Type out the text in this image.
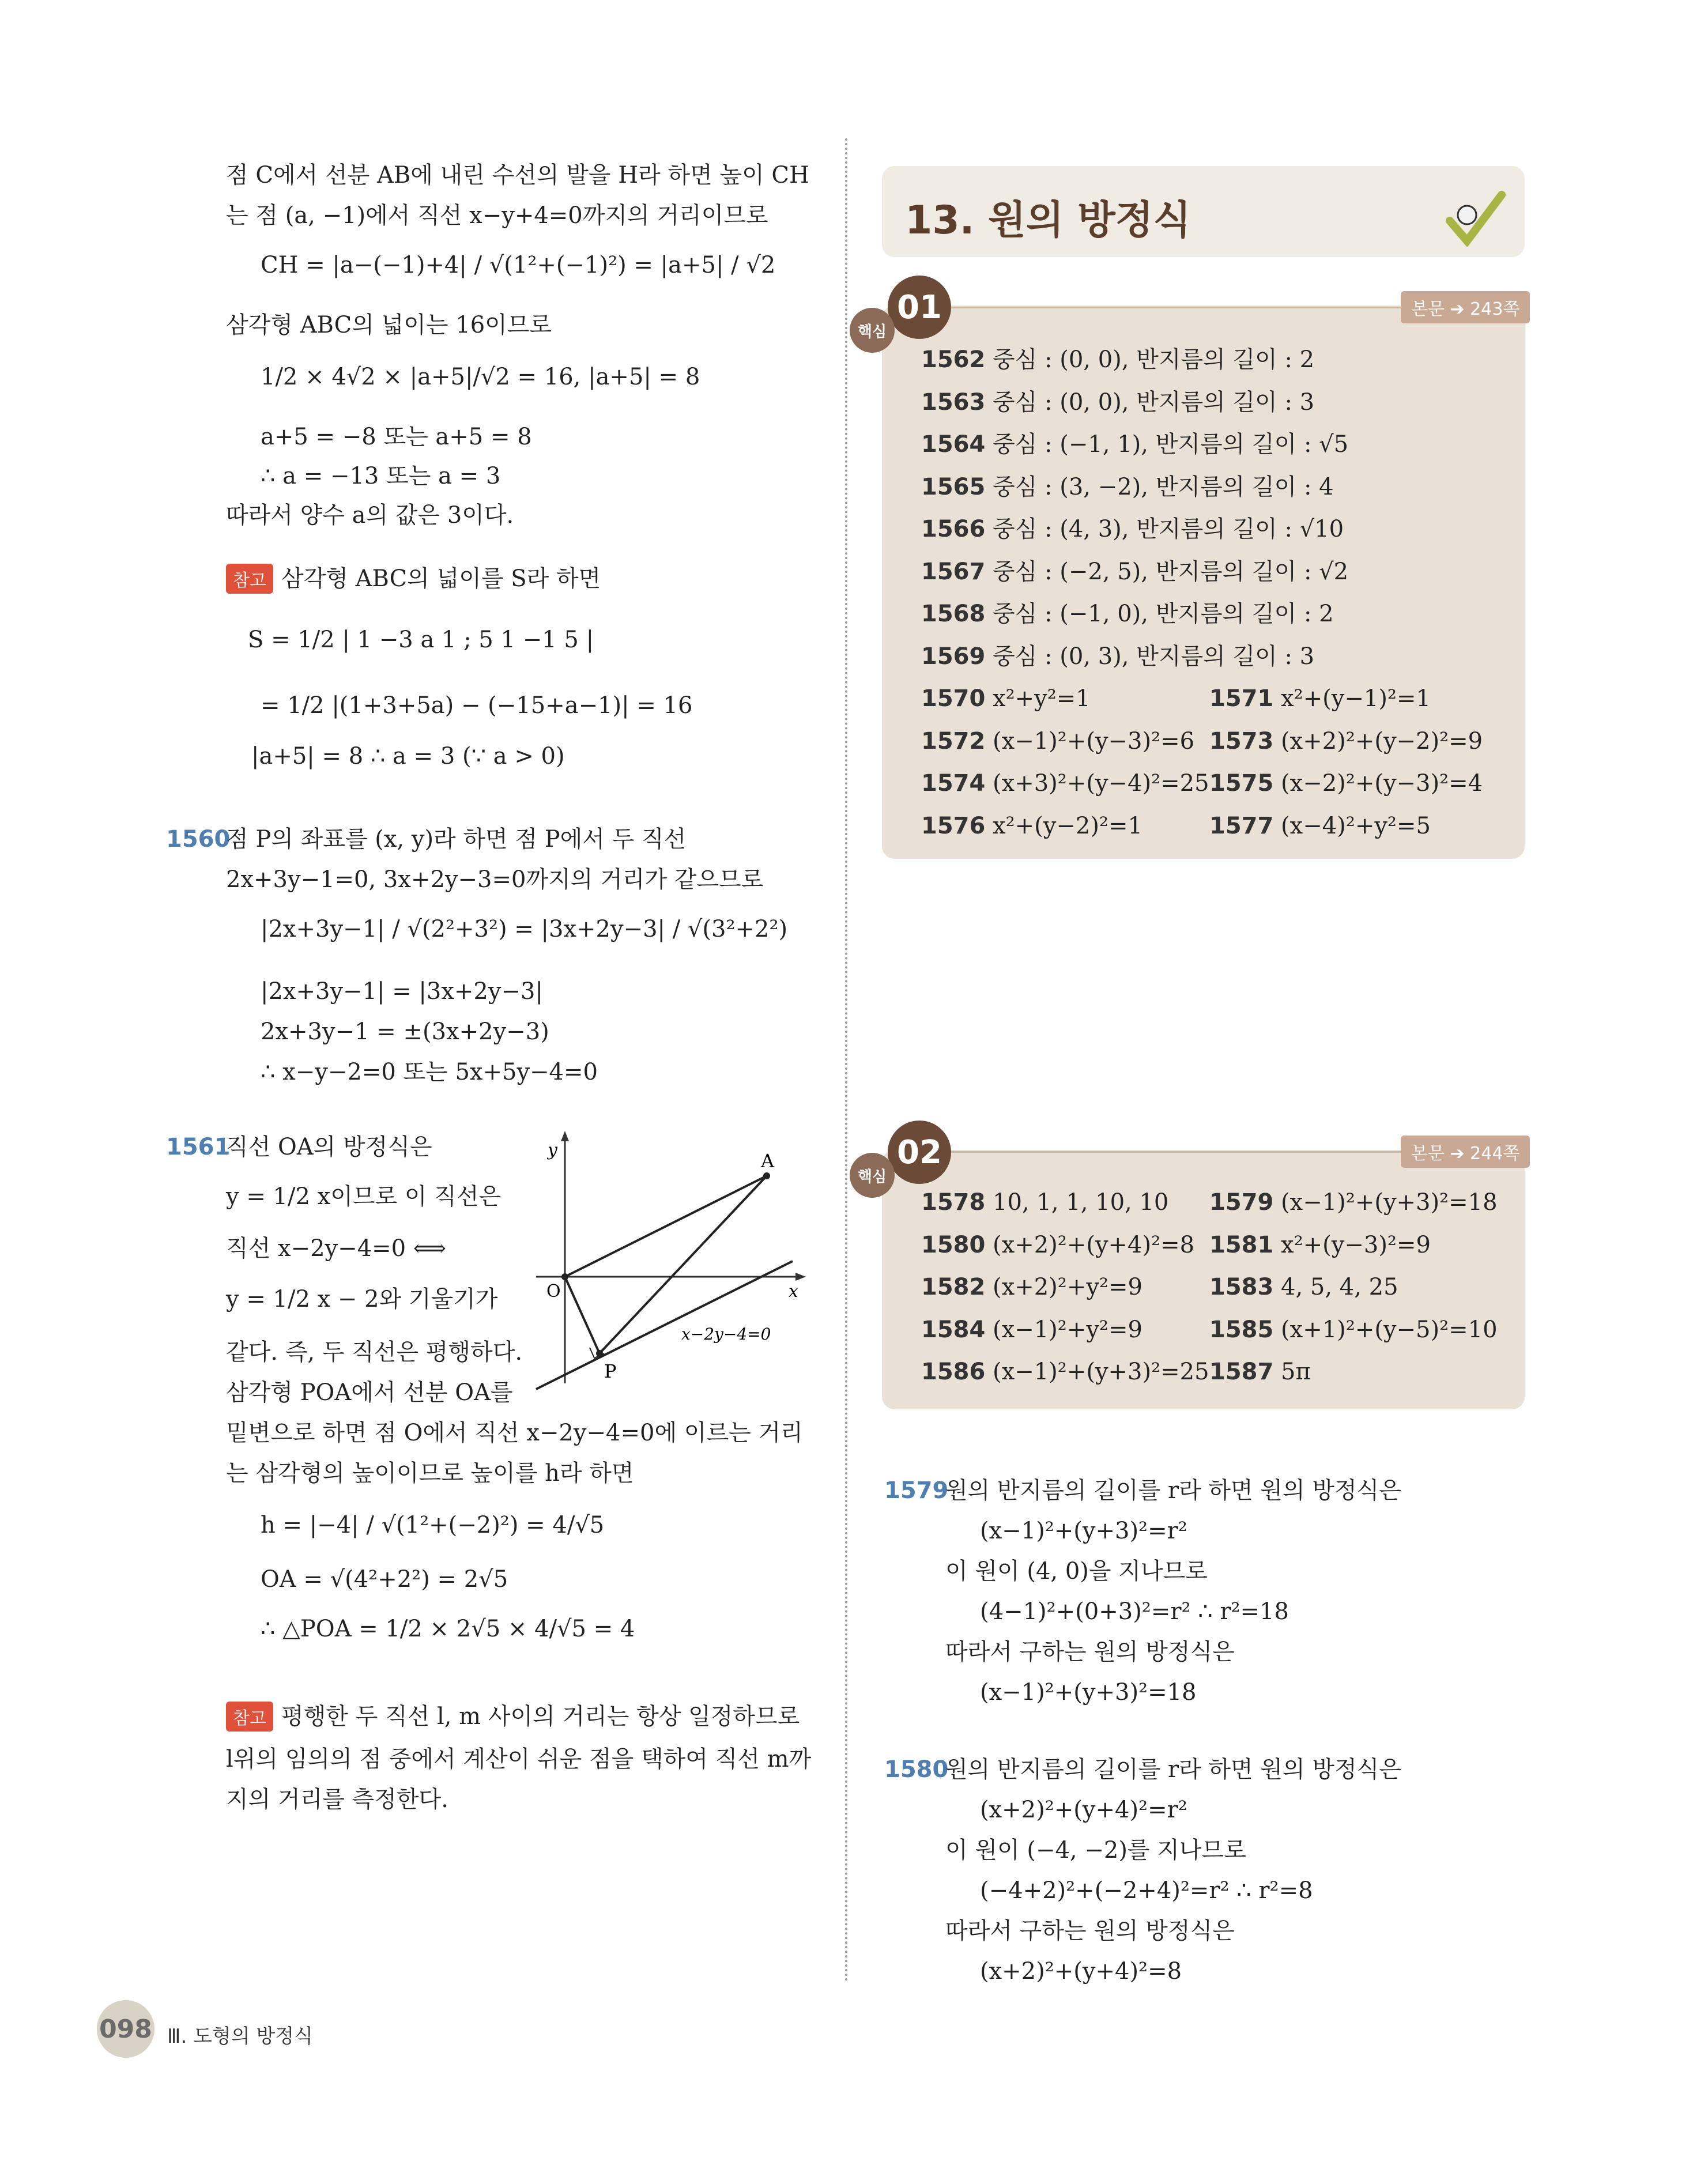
점 C에서 선분 AB에 내린 수선의 발을 H라 하면 높이 CH
는 점 (a, −1)에서 직선 x−y+4=0까지의 거리이므로
CH = |a−(−1)+4| / √(1²+(−1)²) = |a+5| / √2
삼각형 ABC의 넓이는 16이므로
1/2 × 4√2 × |a+5|/√2 = 16, |a+5| = 8
a+5 = −8 또는 a+5 = 8
∴ a = −13 또는 a = 3
따라서 양수 a의 값은 3이다.
참고 삼각형 ABC의 넓이를 S라 하면
S = 1/2 | 1 −3 a 1 ; 5 1 −1 5 |
= 1/2 |(1+3+5a) − (−15+a−1)| = 16
|a+5| = 8 ∴ a = 3 (∵ a > 0)
1560
점 P의 좌표를 (x, y)라 하면 점 P에서 두 직선
2x+3y−1=0, 3x+2y−3=0까지의 거리가 같으므로
|2x+3y−1| / √(2²+3²) = |3x+2y−3| / √(3²+2²)
|2x+3y−1| = |3x+2y−3|
2x+3y−1 = ±(3x+2y−3)
∴ x−y−2=0 또는 5x+5y−4=0
1561
직선 OA의 방정식은
y = 1/2 x이므로 이 직선은
직선 x−2y−4=0 ⟺
y = 1/2 x − 2와 기울기가
같다. 즉, 두 직선은 평행하다.
삼각형 POA에서 선분 OA를
밑변으로 하면 점 O에서 직선 x−2y−4=0에 이르는 거리
는 삼각형의 높이이므로 높이를 h라 하면
h = |−4| / √(1²+(−2)²) = 4/√5
OA = √(4²+2²) = 2√5
∴ △POA = 1/2 × 2√5 × 4/√5 = 4
y
x
O
A
P
x−2y−4=0
참고 평행한 두 직선 l, m 사이의 거리는 항상 일정하므로
l위의 임의의 점 중에서 계산이 쉬운 점을 택하여 직선 m까
지의 거리를 측정한다.
13. 원의 방정식
01
핵심
본문 ➔ 243쪽
1562 중심 : (0, 0), 반지름의 길이 : 2
1563 중심 : (0, 0), 반지름의 길이 : 3
1564 중심 : (−1, 1), 반지름의 길이 : √5
1565 중심 : (3, −2), 반지름의 길이 : 4
1566 중심 : (4, 3), 반지름의 길이 : √10
1567 중심 : (−2, 5), 반지름의 길이 : √2
1568 중심 : (−1, 0), 반지름의 길이 : 2
1569 중심 : (0, 3), 반지름의 길이 : 3
1570 x²+y²=1	1571 x²+(y−1)²=1
1572 (x−1)²+(y−3)²=6 1573 (x+2)²+(y−2)²=9
1574 (x+3)²+(y−4)²=25 1575 (x−2)²+(y−3)²=4
1576 x²+(y−2)²=1	1577 (x−4)²+y²=5
02
핵심
본문 ➔ 244쪽
1578 10, 1, 1, 10, 10 1579 (x−1)²+(y+3)²=18
1580 (x+2)²+(y+4)²=8 1581 x²+(y−3)²=9
1582 (x+2)²+y²=9	1583 4, 5, 4, 25
1584 (x−1)²+y²=9	1585 (x+1)²+(y−5)²=10
1586 (x−1)²+(y+3)²=25 1587 5π
1579
원의 반지름의 길이를 r라 하면 원의 방정식은
(x−1)²+(y+3)²=r²
이 원이 (4, 0)을 지나므로
(4−1)²+(0+3)²=r² ∴ r²=18
따라서 구하는 원의 방정식은
(x−1)²+(y+3)²=18
1580
원의 반지름의 길이를 r라 하면 원의 방정식은
(x+2)²+(y+4)²=r²
이 원이 (−4, −2)를 지나므로
(−4+2)²+(−2+4)²=r² ∴ r²=8
따라서 구하는 원의 방정식은
(x+2)²+(y+4)²=8
098 Ⅲ. 도형의 방정식
